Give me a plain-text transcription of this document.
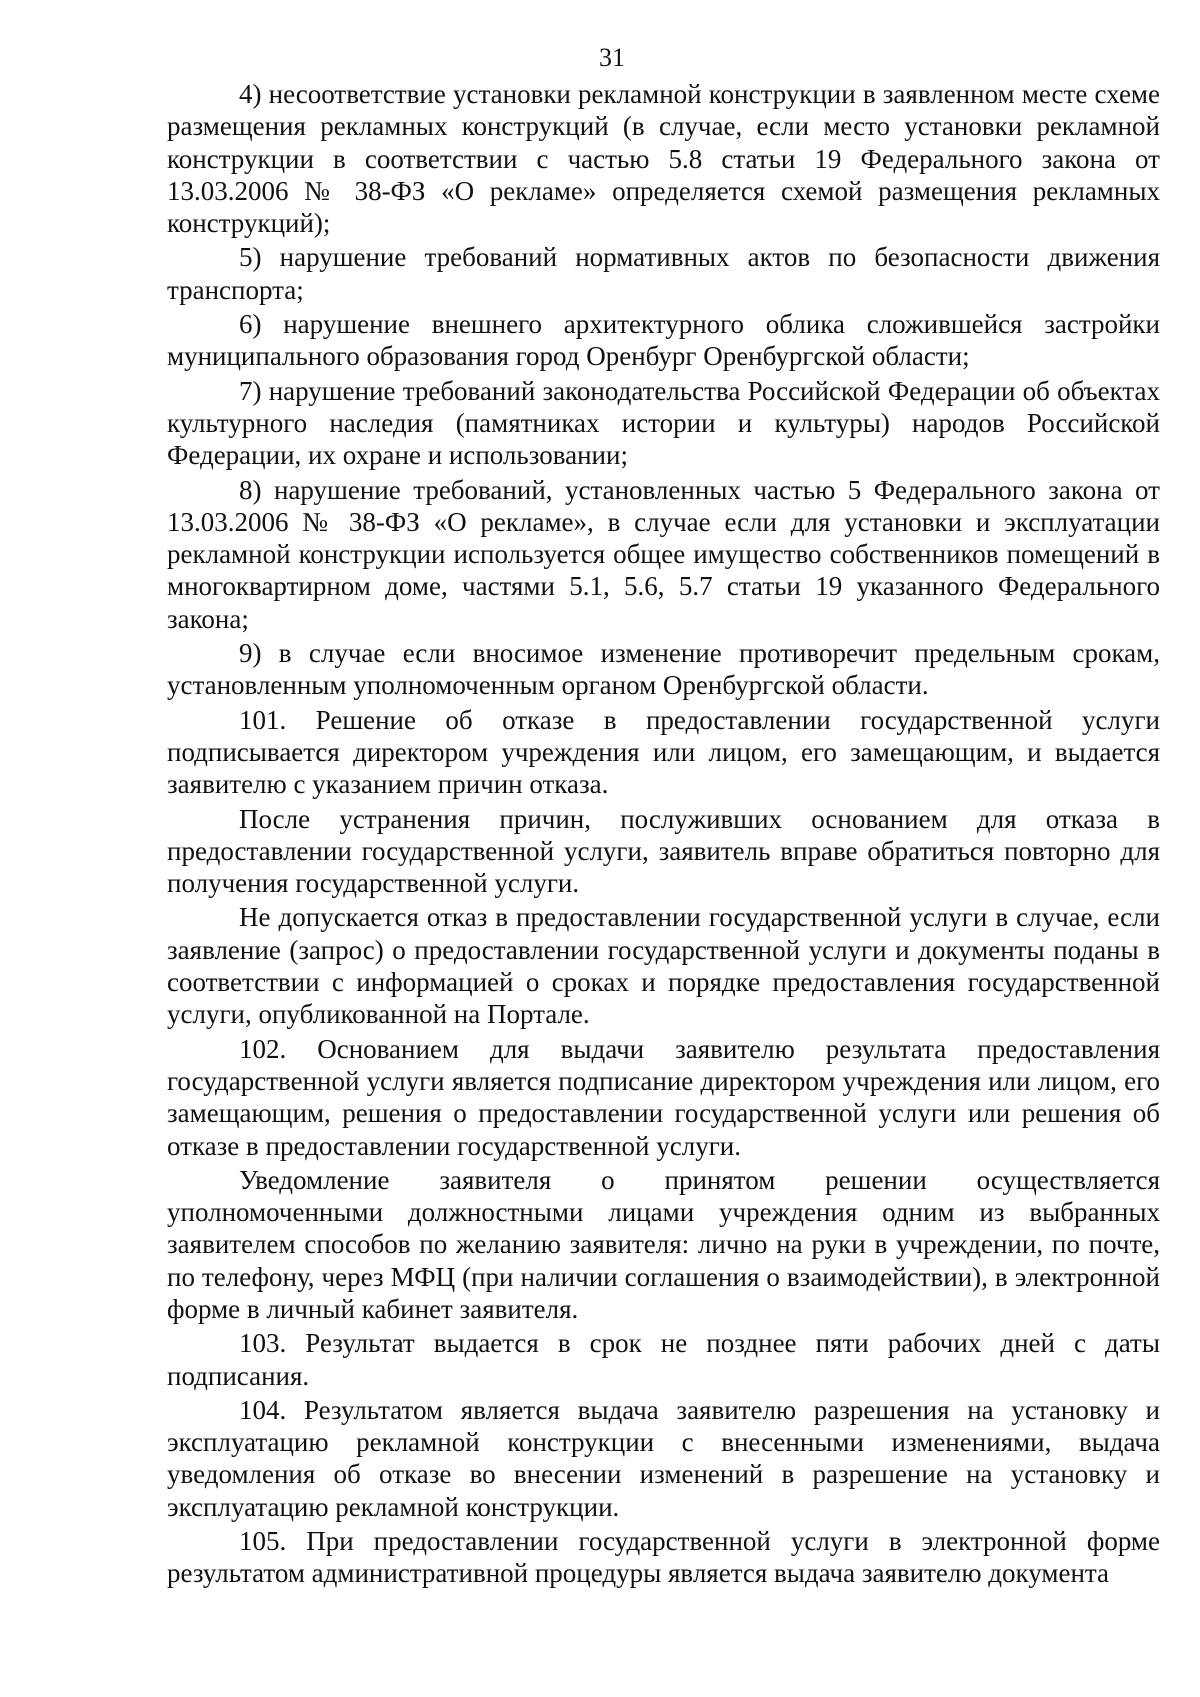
31

4) несоответствие установки рекламной конструкции в заявленном месте схеме размещения рекламных конструкций (в случае, если место установки рекламной конструкции в соответствии с частью 5.8 статьи 19 Федерального закона от 13.03.2006 № 38-ФЗ «О рекламе» определяется схемой размещения рекламных конструкций);

5) нарушение требований нормативных актов по безопасности движения транспорта;

6) нарушение внешнего архитектурного облика сложившейся застройки муниципального образования город Оренбург Оренбургской области;

7) нарушение требований законодательства Российской Федерации об объектах культурного наследия (памятниках истории и культуры) народов Российской Федерации, их охране и использовании;

8) нарушение требований, установленных частью 5 Федерального закона от 13.03.2006 № 38-ФЗ «О рекламе», в случае если для установки и эксплуатации рекламной конструкции используется общее имущество собственников помещений в многоквартирном доме, частями 5.1, 5.6, 5.7 статьи 19 указанного Федерального закона;

9) в случае если вносимое изменение противоречит предельным срокам, установленным уполномоченным органом Оренбургской области.

101. Решение об отказе в предоставлении государственной услуги подписывается директором учреждения или лицом, его замещающим, и выдается заявителю с указанием причин отказа.

После устранения причин, послуживших основанием для отказа в предоставлении государственной услуги, заявитель вправе обратиться повторно для получения государственной услуги.

Не допускается отказ в предоставлении государственной услуги в случае, если заявление (запрос) о предоставлении государственной услуги и документы поданы в соответствии с информацией о сроках и порядке предоставления государственной услуги, опубликованной на Портале.

102. Основанием для выдачи заявителю результата предоставления государственной услуги является подписание директором учреждения или лицом, его замещающим, решения о предоставлении государственной услуги или решения об отказе в предоставлении государственной услуги.

Уведомление заявителя о принятом решении осуществляется уполномоченными должностными лицами учреждения одним из выбранных заявителем способов по желанию заявителя: лично на руки в учреждении, по почте, по телефону, через МФЦ (при наличии соглашения о взаимодействии), в электронной форме в личный кабинет заявителя.

103. Результат выдается в срок не позднее пяти рабочих дней с даты подписания.

104. Результатом является выдача заявителю разрешения на установку и эксплуатацию рекламной конструкции с внесенными изменениями, выдача уведомления об отказе во внесении изменений в разрешение на установку и эксплуатацию рекламной конструкции.

105. При предоставлении государственной услуги в электронной форме результатом административной процедуры является выдача заявителю документа
